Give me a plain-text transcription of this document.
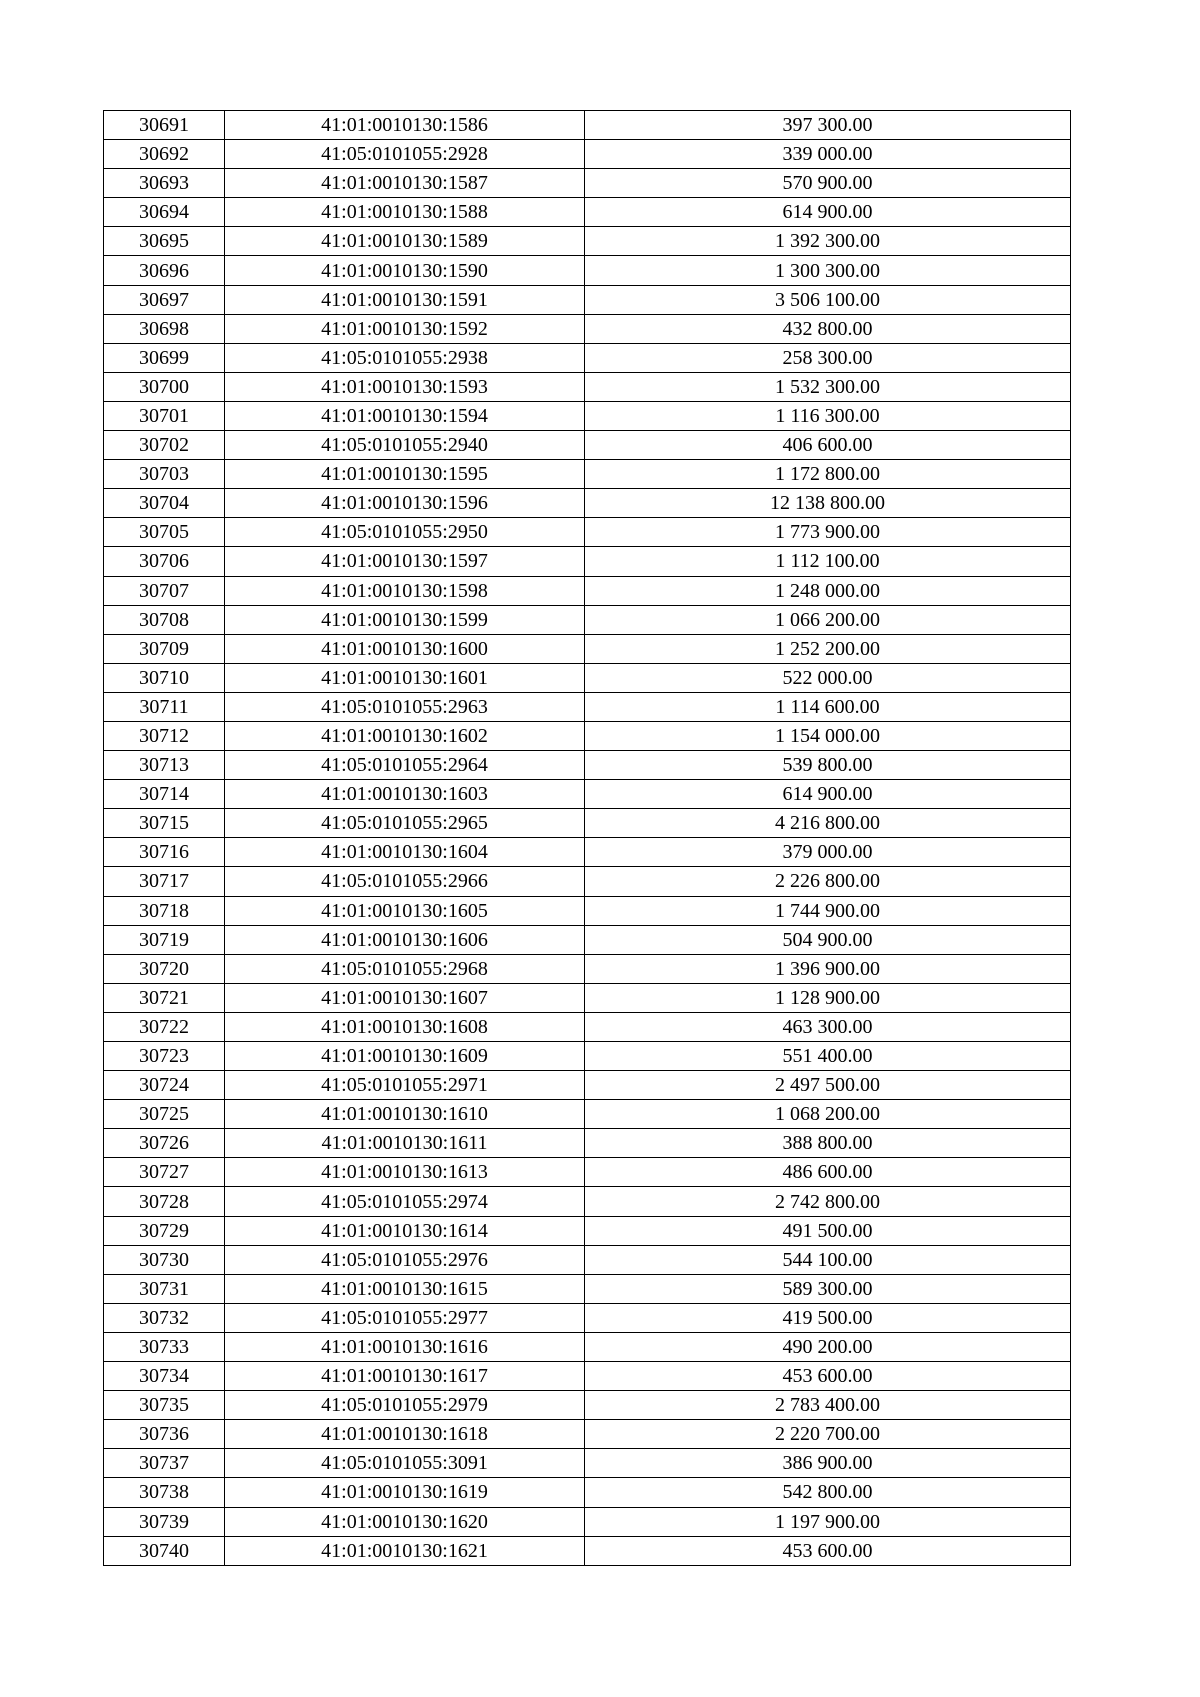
30691	41:01:0010130:1586	397 300.00
30692	41:05:0101055:2928	339 000.00
30693	41:01:0010130:1587	570 900.00
30694	41:01:0010130:1588	614 900.00
30695	41:01:0010130:1589	1 392 300.00
30696	41:01:0010130:1590	1 300 300.00
30697	41:01:0010130:1591	3 506 100.00
30698	41:01:0010130:1592	432 800.00
30699	41:05:0101055:2938	258 300.00
30700	41:01:0010130:1593	1 532 300.00
30701	41:01:0010130:1594	1 116 300.00
30702	41:05:0101055:2940	406 600.00
30703	41:01:0010130:1595	1 172 800.00
30704	41:01:0010130:1596	12 138 800.00
30705	41:05:0101055:2950	1 773 900.00
30706	41:01:0010130:1597	1 112 100.00
30707	41:01:0010130:1598	1 248 000.00
30708	41:01:0010130:1599	1 066 200.00
30709	41:01:0010130:1600	1 252 200.00
30710	41:01:0010130:1601	522 000.00
30711	41:05:0101055:2963	1 114 600.00
30712	41:01:0010130:1602	1 154 000.00
30713	41:05:0101055:2964	539 800.00
30714	41:01:0010130:1603	614 900.00
30715	41:05:0101055:2965	4 216 800.00
30716	41:01:0010130:1604	379 000.00
30717	41:05:0101055:2966	2 226 800.00
30718	41:01:0010130:1605	1 744 900.00
30719	41:01:0010130:1606	504 900.00
30720	41:05:0101055:2968	1 396 900.00
30721	41:01:0010130:1607	1 128 900.00
30722	41:01:0010130:1608	463 300.00
30723	41:01:0010130:1609	551 400.00
30724	41:05:0101055:2971	2 497 500.00
30725	41:01:0010130:1610	1 068 200.00
30726	41:01:0010130:1611	388 800.00
30727	41:01:0010130:1613	486 600.00
30728	41:05:0101055:2974	2 742 800.00
30729	41:01:0010130:1614	491 500.00
30730	41:05:0101055:2976	544 100.00
30731	41:01:0010130:1615	589 300.00
30732	41:05:0101055:2977	419 500.00
30733	41:01:0010130:1616	490 200.00
30734	41:01:0010130:1617	453 600.00
30735	41:05:0101055:2979	2 783 400.00
30736	41:01:0010130:1618	2 220 700.00
30737	41:05:0101055:3091	386 900.00
30738	41:01:0010130:1619	542 800.00
30739	41:01:0010130:1620	1 197 900.00
30740	41:01:0010130:1621	453 600.00
